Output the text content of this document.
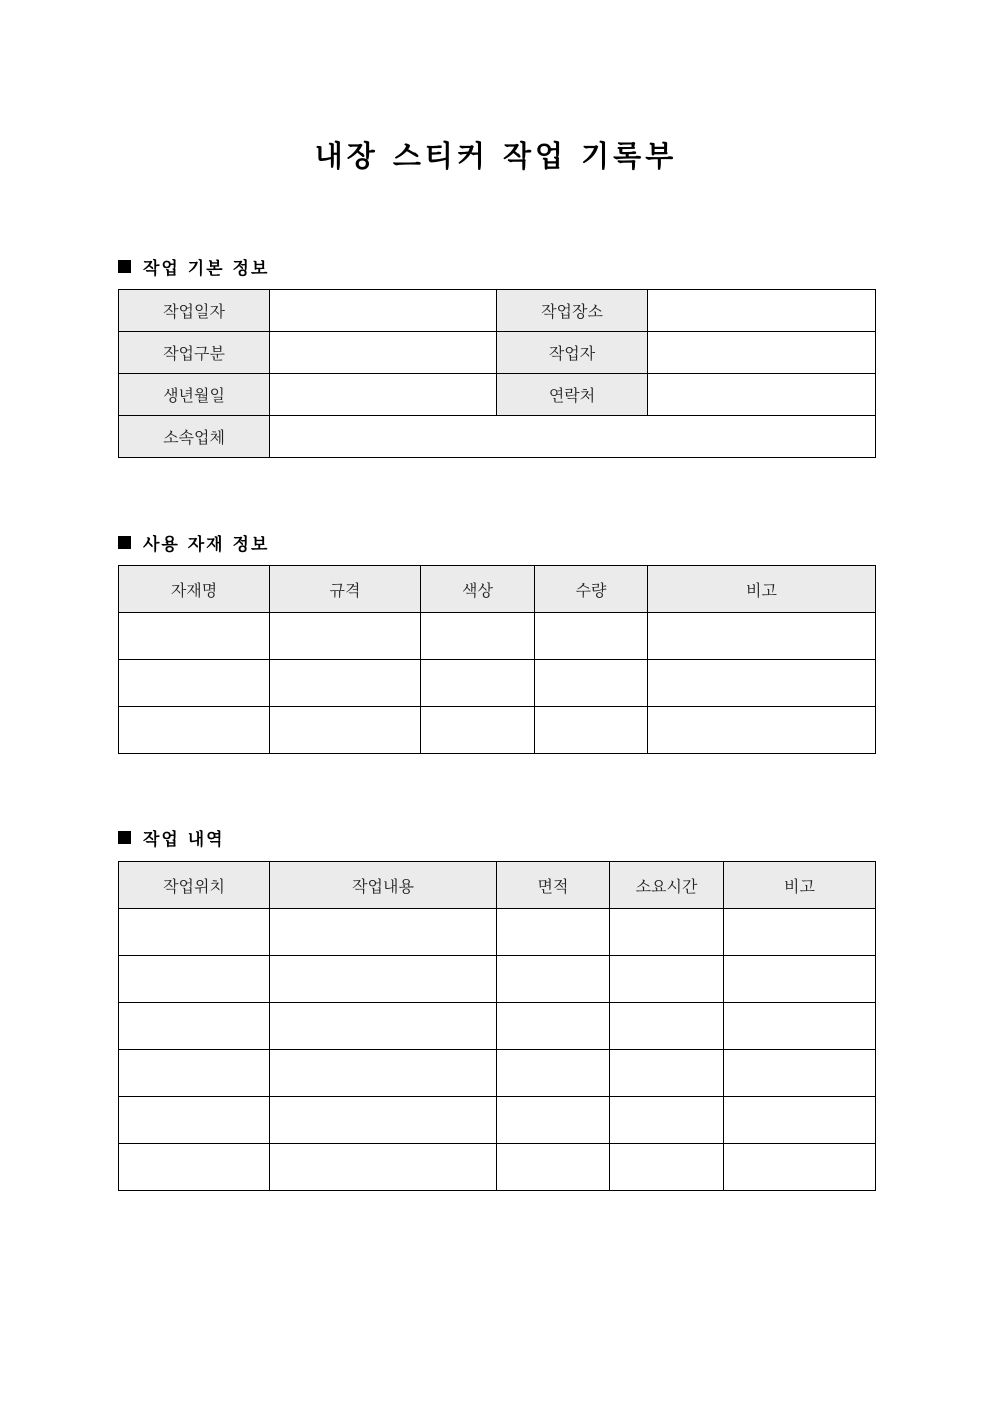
내장 스티커 작업 기록부
작업 기본 정보
작업일자		작업장소	
작업구분		작업자	
생년월일		연락처	
소속업체			
사용 자재 정보
자재명	규격	색상	수량	비고

작업 내역
작업위치	작업내용	면적	소요시간	비고
